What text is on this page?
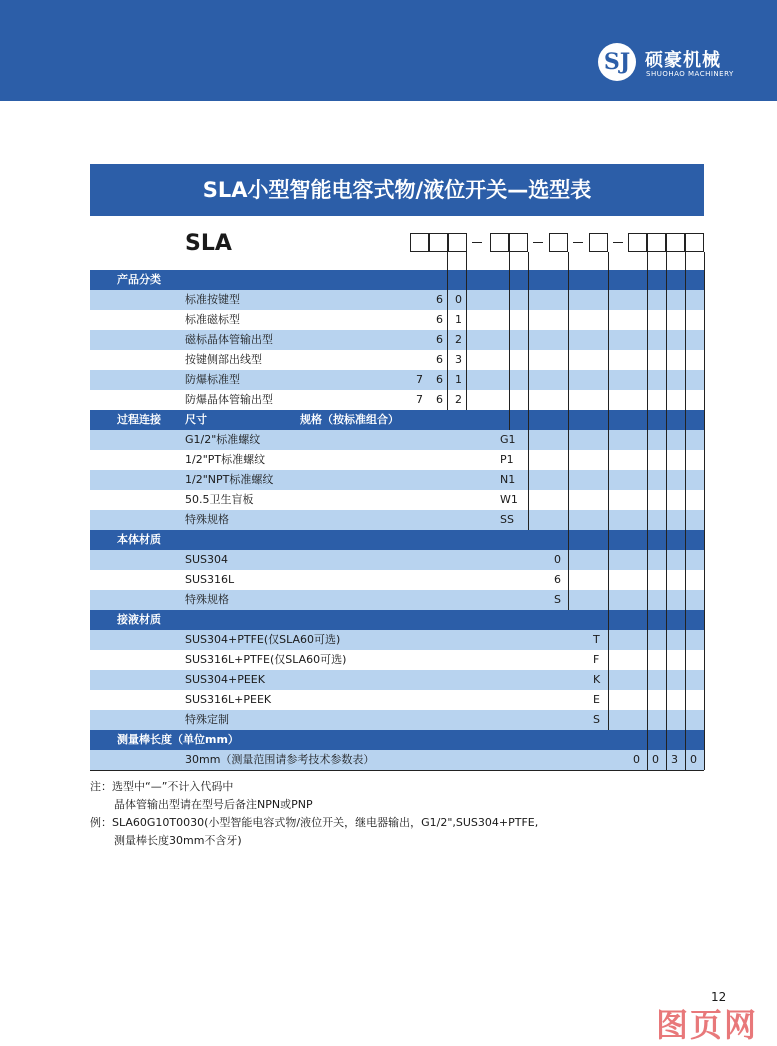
SJ 硕豪机械
SHUOHAO MACHINERY
SLA小型智能电容式物/液位开关—选型表
SLA
产品分类
标准按键型	6 0
标准磁标型	6 1
磁标晶体管输出型	6 2
按键侧部出线型	6 3
防爆标准型	7 6 1
防爆晶体管输出型	7 6 2
过程连接 尺寸	规格（按标准组合）
G1/2"标准螺纹	G1
1/2"PT标准螺纹	P1
1/2"NPT标准螺纹	N1
50.5卫生盲板	W1
特殊规格	SS
本体材质
SUS304	0
SUS316L	6
特殊规格	S
接液材质
SUS304+PTFE(仅SLA60可选)	T
SUS316L+PTFE(仅SLA60可选)	F
SUS304+PEEK	K
SUS316L+PEEK	E
特殊定制	S
测量棒长度（单位mm）
30mm（测量范围请参考技术参数表）	0 0 3 0
注：选型中“—”不计入代码中
晶体管输出型请在型号后备注NPN或PNP
例：SLA60G10T0030(小型智能电容式物/液位开关，继电器输出，G1/2",SUS304+PTFE,
测量棒长度30mm不含牙)
12
图页网
